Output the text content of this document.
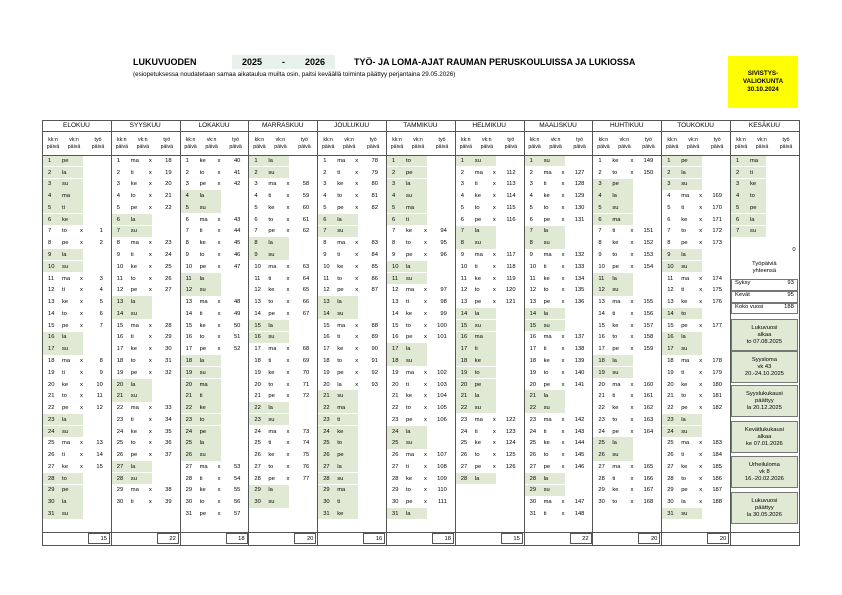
LUKUVUODEN	2025 - 2026	TYÖ- JA LOMA-AJAT RAUMAN PERUSKOULUISSA JA LUKIOSSA
(esiopetuksessa noudatetaan samaa aikataulua muilta osin, paitsi keväällä toiminta päättyy perjantaina 29.05.2026)	SIVISTYS-
VALIOKUNTA
30.10.2024
ELOKUU
kk:n päivä
vk:n päivä
työ päivä
1	pe
2	la
3	su
4	ma
5	ti
6	ke
7	to	x	1
8	pe	x	2
9	la
10	su
11	ma	x	3
12	ti	x	4
13	ke	x	5
14	to	x	6
15	pe	x	7
16	la
17	su
18	ma	x	8
19	ti	x	9
20	ke	x	10
21	to	x	11
22	pe	x	12
23	la
24	su
25	ma	x	13
26	ti	x	14
27	ke	x	15
28	to
29	pe
30	la
31	su
15
SYYSKUU
kk:n päivä
vk:n päivä
työ päivä
1	ma	x	18
2	ti	x	19
3	ke	x	20
4	to	x	21
5	pe	x	22
6	la
7	su
8	ma	x	23
9	ti	x	24
10	ke	x	25
11	to	x	26
12	pe	x	27
13	la
14	su
15	ma	x	28
16	ti	x	29
17	ke	x	30
18	to	x	31
19	pe	x	32
20	la
21	su
22	ma	x	33
23	ti	x	34
24	ke	x	35
25	to	x	36
26	pe	x	37
27	la
28	su
29	ma	x	38
30	ti	x	39
22
LOKAKUU
kk:n päivä
vk:n päivä
työ päivä
1	ke	x	40
2	to	x	41
3	pe	x	42
4	la
5	su
6	ma	x	43
7	ti	x	44
8	ke	x	45
9	to	x	46
10	pe	x	47
11	la
12	su
13	ma	x	48
14	ti	x	49
15	ke	x	50
16	to	x	51
17	pe	x	52
18	la
19	su
20	ma
21	ti
22	ke
23	to
24	pe
25	la
26	su
27	ma	x	53
28	ti	x	54
29	ke	x	55
30	to	x	56
31	pe	x	57
18
MARRASKUU
kk:n päivä
vk:n päivä
työ päivä
1	la
2	su
3	ma	x	58
4	ti	x	59
5	ke	x	60
6	to	x	61
7	pe	x	62
8	la
9	su
10	ma	x	63
11	ti	x	64
12	ke	x	65
13	to	x	66
14	pe	x	67
15	la
16	su
17	ma	x	68
18	ti	x	69
19	ke	x	70
20	to	x	71
21	pe	x	72
22	la
23	su
24	ma	x	73
25	ti	x	74
26	ke	x	75
27	to	x	76
28	pe	x	77
29	la
30	su
20
JOULUKUU
kk:n päivä
vk:n päivä
työ päivä
1	ma	x	78
2	ti	x	79
3	ke	x	80
4	to	x	81
5	pe	x	82
6	la
7	su
8	ma	x	83
9	ti	x	84
10	ke	x	85
11	to	x	86
12	pe	x	87
13	la
14	su
15	ma	x	88
16	ti	x	89
17	ke	x	90
18	to	x	91
19	pe	x	92
20	la	x	93
21	su
22	ma
23	ti
24	ke
25	to
26	pe
27	la
28	su
29	ma
30	ti
31	ke
16
TAMMIKUU
kk:n päivä
vk:n päivä
työ päivä
1	to
2	pe
3	la
4	su
5	ma
6	ti
7	ke	x	94
8	to	x	95
9	pe	x	96
10	la
11	su
12	ma	x	97
13	ti	x	98
14	ke	x	99
15	to	x	100
16	pe	x	101
17	la
18	su
19	ma	x	102
20	ti	x	103
21	ke	x	104
22	to	x	105
23	pe	x	106
24	la
25	su
26	ma	x	107
27	ti	x	108
28	ke	x	109
29	to	x	110
30	pe	x	111
31	la
18
HELMIKUU
kk:n päivä
vk:n päivä
työ päivä
1	su
2	ma	x	112
3	ti	x	113
4	ke	x	114
5	to	x	115
6	pe	x	116
7	la
8	su
9	ma	x	117
10	ti	x	118
11	ke	x	119
12	to	x	120
13	pe	x	121
14	la
15	su
16	ma
17	ti
18	ke
19	to
20	pe
21	la
22	su
23	ma	x	122
24	ti	x	123
25	ke	x	124
26	to	x	125
27	pe	x	126
28	la
15
MAALISKUU
kk:n päivä
vk:n päivä
työ päivä
1	su
2	ma	x	127
3	ti	x	128
4	ke	x	129
5	to	x	130
6	pe	x	131
7	la
8	su
9	ma	x	132
10	ti	x	133
11	ke	x	134
12	to	x	135
13	pe	x	136
14	la
15	su
16	ma	x	137
17	ti	x	138
18	ke	x	139
19	to	x	140
20	pe	x	141
21	la
22	su
23	ma	x	142
24	ti	x	143
25	ke	x	144
26	to	x	145
27	pe	x	146
28	la
29	su
30	ma	x	147
31	ti	x	148
22
HUHTIKUU
kk:n päivä
vk:n päivä
työ päivä
1	ke	x	149
2	to	x	150
3	pe
4	la
5	su
6	ma
7	ti	x	151
8	ke	x	152
9	to	x	153
10	pe	x	154
11	la
12	su
13	ma	x	155
14	ti	x	156
15	ke	x	157
16	to	x	158
17	pe	x	159
18	la
19	su
20	ma	x	160
21	ti	x	161
22	ke	x	162
23	to	x	163
24	pe	x	164
25	la
26	su
27	ma	x	165
28	ti	x	166
29	ke	x	167
30	to	x	168
20
TOUKOKUU
kk:n päivä
vk:n päivä
työ päivä
1	pe
2	la
3	su
4	ma	x	169
5	ti	x	170
6	ke	x	171
7	to	x	172
8	pe	x	173
9	la
10	su
11	ma	x	174
12	ti	x	175
13	ke	x	176
14	to
15	pe	x	177
16	la
17	su
18	ma	x	178
19	ti	x	179
20	ke	x	180
21	to	x	181
22	pe	x	182
23	la
24	su
25	ma	x	183
26	ti	x	184
27	ke	x	185
28	to	x	186
29	pe	x	187
30	la	x	188
31	su
20
KESÄKUU
kk:n päivä
vk:n päivä
työ päivä
1	ma
2	ti
3	ke
4	to
5	pe
6	la
7	su
0
Työpäiviä yhteensä
Syksy	93
Kevät	95
Koko vuosi	188
Lukuvuosi
alkaa
to 07.08.2025
Syysloma
vk 43
20.-24.10.2025
Syyslukukausi
päättyy
la 20.12.2025
Kevätlukukausi
alkaa
ke 07.01.2026
Urheiluloma
vk 8
16.-20.02.2026
Lukuvuosi
päättyy
la 30.05.2026
